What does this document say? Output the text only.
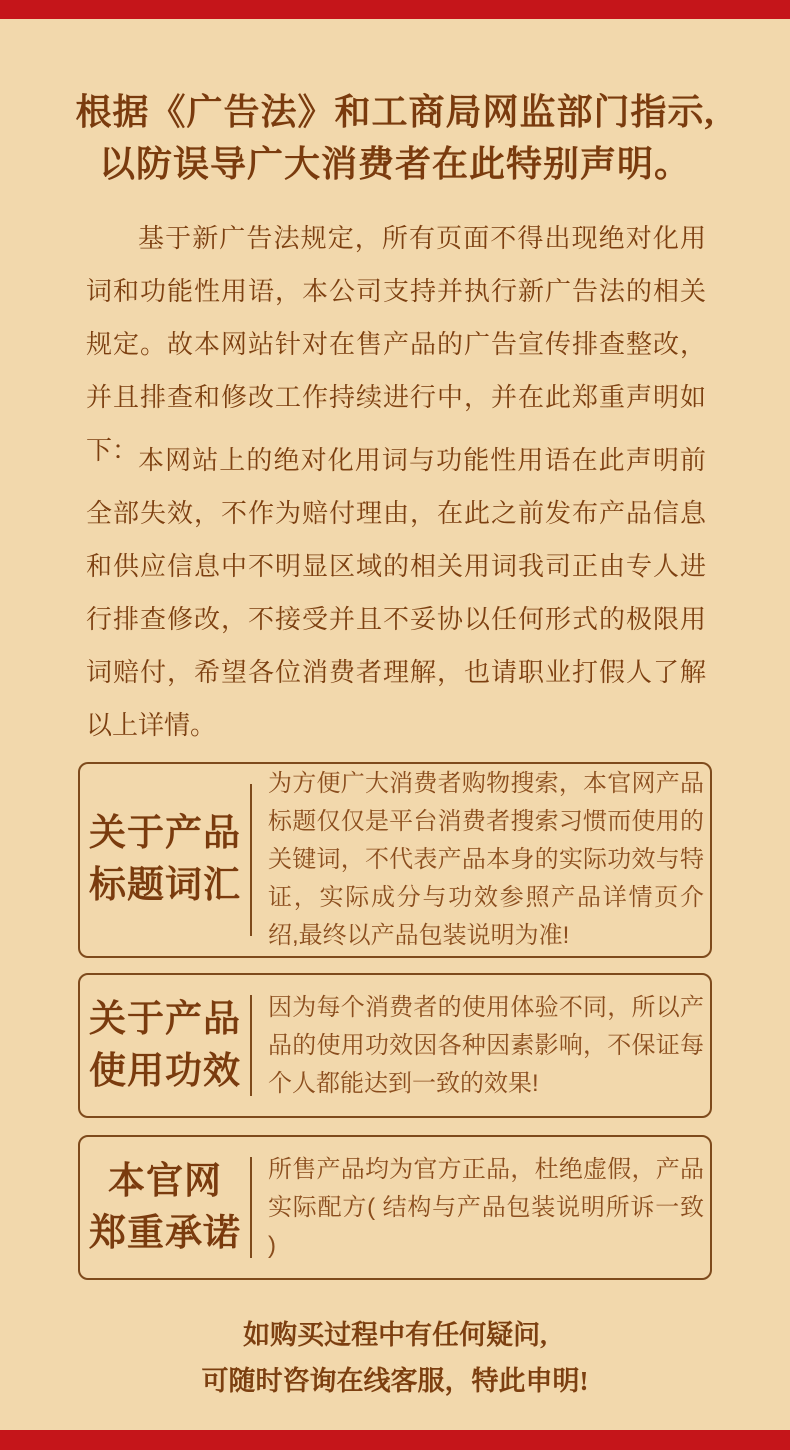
根据《广告法》和工商局网监部门指示,
以防误导广大消费者在此特别声明。
基于新广告法规定，所有页面不得出现绝对化用词和功能性用语，本公司支持并执行新广告法的相关规定。故本网站针对在售产品的广告宣传排查整改，并且排查和修改工作持续进行中，并在此郑重声明如下： 本网站上的绝对化用词与功能性用语在此声明前全部失效，不作为赔付理由，在此之前发布产品信息和供应信息中不明显区域的相关用词我司正由专人进行排查修改，不接受并且不妥协以任何形式的极限用词赔付，希望各位消费者理解，也请职业打假人了解以上详情。
关于产品
标题词汇
为方便广大消费者购物搜索，本官网产品标题仅仅是平台消费者搜索习惯而使用的关键词，不代表产品本身的实际功效与特证，实际成分与功效参照产品详情页介绍,最终以产品包装说明为准!
关于产品
使用功效
因为每个消费者的使用体验不同，所以产品的使用功效因各种因素影响，不保证每个人都能达到一致的效果!
本官网
郑重承诺
所售产品均为官方正品，杜绝虚假，产品实际配方( 结构与产品包装说明所诉一致 )
如购买过程中有任何疑问,
可随时咨询在线客服，特此申明!
